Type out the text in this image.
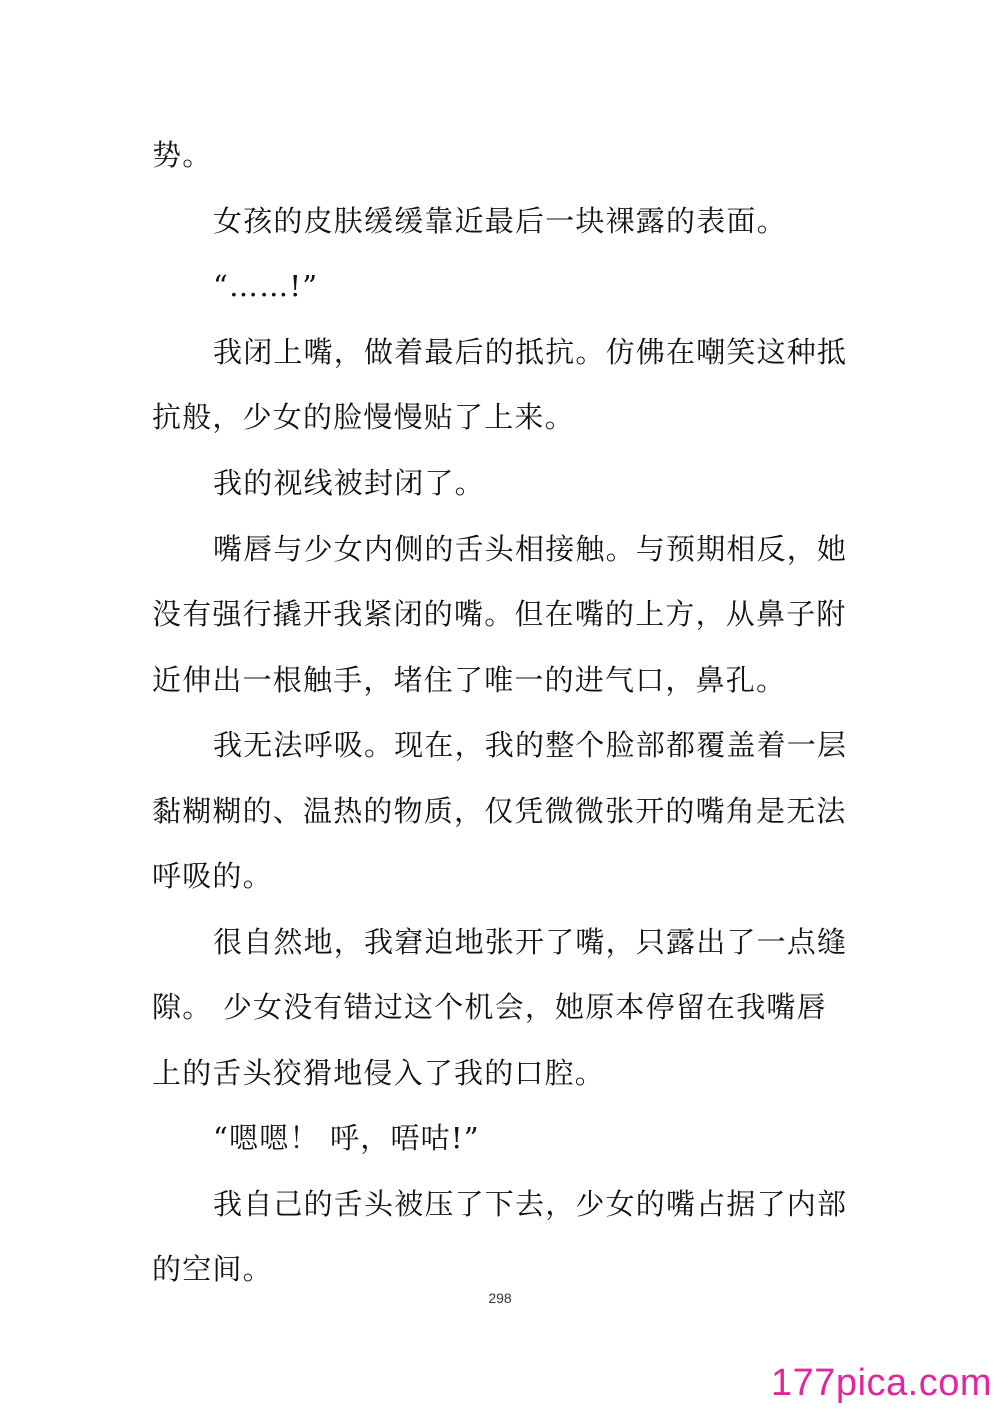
势。
女孩的皮肤缓缓靠近最后一块裸露的表面。
“……!”
我闭上嘴，做着最后的抵抗。仿佛在嘲笑这种抵
抗般，少女的脸慢慢贴了上来。
我的视线被封闭了。
嘴唇与少女内侧的舌头相接触。与预期相反，她
没有强行撬开我紧闭的嘴。但在嘴的上方，从鼻子附
近伸出一根触手，堵住了唯一的进气口，鼻孔。
我无法呼吸。现在，我的整个脸部都覆盖着一层
黏糊糊的、温热的物质，仅凭微微张开的嘴角是无法
呼吸的。
很自然地，我窘迫地张开了嘴，只露出了一点缝
隙。 少女没有错过这个机会，她原本停留在我嘴唇
上的舌头狡猾地侵入了我的口腔。
“嗯嗯！ 呼，唔咕!”
我自己的舌头被压了下去，少女的嘴占据了内部
的空间。
298
177pica.com
